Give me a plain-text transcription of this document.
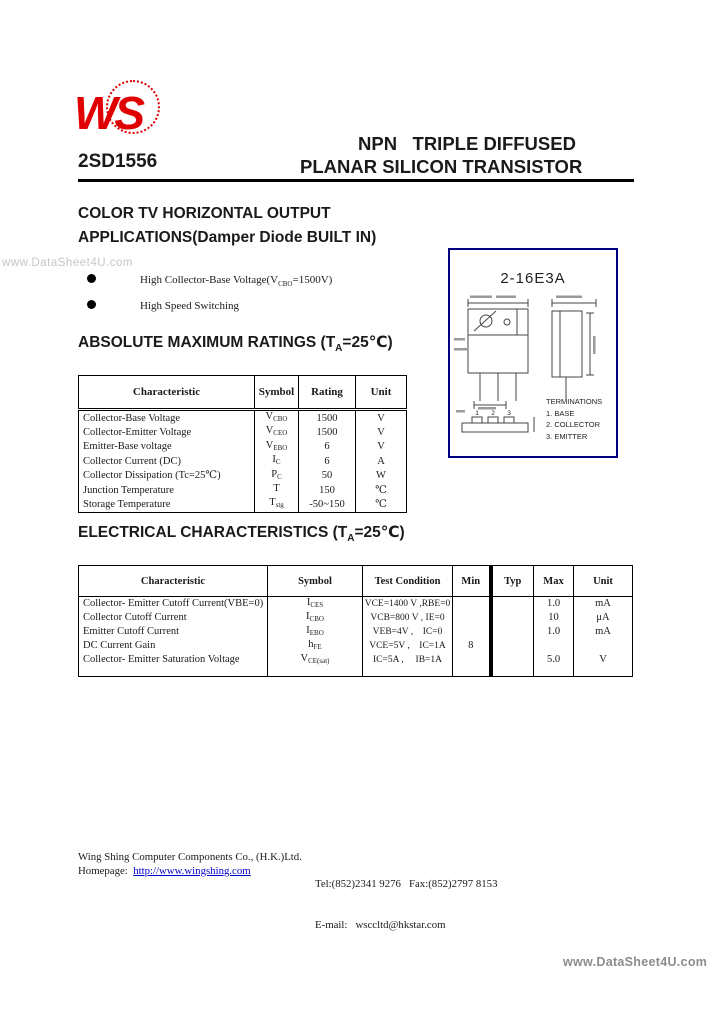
www.DataSheet4U.com
WS
2SD1556
NPN   TRIPLE DIFFUSED
PLANAR SILICON TRANSISTOR
COLOR TV HORIZONTAL OUTPUT
APPLICATIONS(Damper Diode BUILT IN)
High Collector-Base $Voltage(V_{CBO}=1500V)$
High Speed Switching
2-16E3A
1 2 3
TERMINATIONS
1. BASE
2. COLLECTOR
3. EMITTER
ABSOLUTE MAXIMUM RATINGS $(T_A=25℃)$
Characteristic	Symbol	Rating	Unit
Collector-Base Voltage	$V_{CBO}$	1500	V
Collector-Emitter Voltage	$V_{CEO}$	1500	V
Emitter-Base voltage	$V_{EBO}$	6	V
Collector Current (DC)	$I_C$	6	A
Collector Dissipation (Tc=25℃)	$P_C$	50	W
Junction Temperature	T	150	℃
Storage Temperature	$T_{stg}$	-50~150	℃
ELECTRICAL CHARACTERISTICS $(T_A=25℃)$
Characteristic	Symbol	Test Condition	Min	Typ	Max	Unit
Collector- Emitter Cutoff Current(VBE=0)	$I_{CES}$	VCE=1400 V ,RBE=0			1.0	mA
Collector Cutoff Current	$I_{CBO}$	VCB=800 V , IE=0			10	μA
Emitter Cutoff Current	$I_{EBO}$	VEB=4V ,    IC=0			1.0	mA
DC Current Gain	$h_{FE}$	VCE=5V ,    IC=1A	8			
Collector- Emitter Saturation Voltage	$V_{CE(sat)}$	IC=5A ,     IB=1A			5.0	V

Wing Shing Computer Components Co., (H.K.)Ltd.
Homepage: http://www.wingshing.com

Tel:(852)2341 9276   Fax:(852)2797 8153

E-mail: wsccltd@hkstar.com

www.DataSheet4U.com
